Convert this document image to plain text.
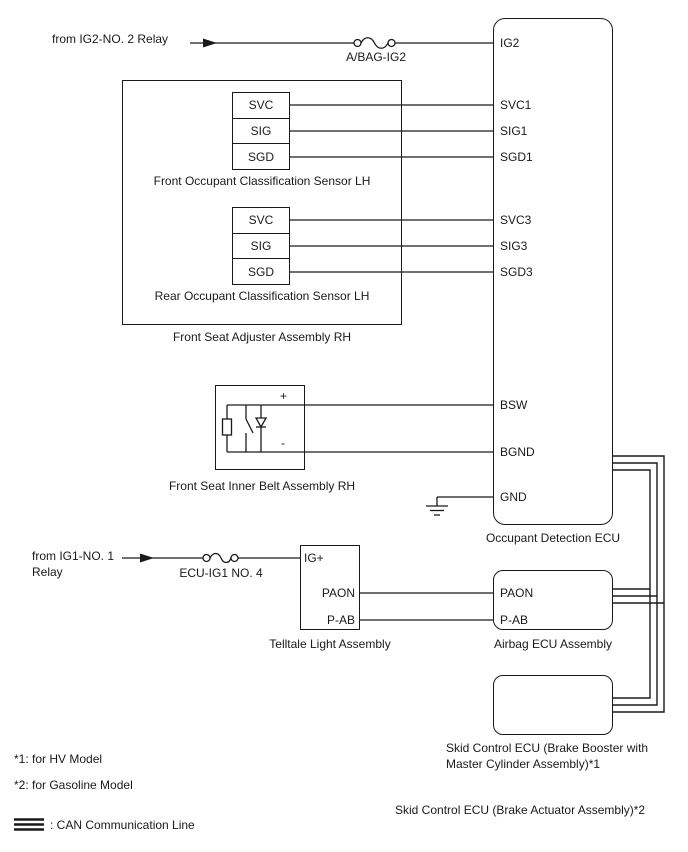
SVC
SIG
SGD
SVC
SIG
SGD
from IG2-NO. 2 Relay
A/BAG-IG2
IG2
SVC1
SIG1
SGD1
SVC3
SIG3
SGD3
BSW
BGND
GND
Front Occupant Classification Sensor LH
Rear Occupant Classification Sensor LH
Front Seat Adjuster Assembly RH
+
-
Front Seat Inner Belt Assembly RH
Occupant Detection ECU
from IG1-NO. 1
Relay	ECU-IG1 NO. 4
IG+
PAON
P-AB
Telltale Light Assembly
PAON
P-AB
Airbag ECU Assembly
Skid Control ECU (Brake Booster with
Master Cylinder Assembly)*1
*1: for HV Model
*2: for Gasoline Model
Skid Control ECU (Brake Actuator Assembly)*2
: CAN Communication Line
